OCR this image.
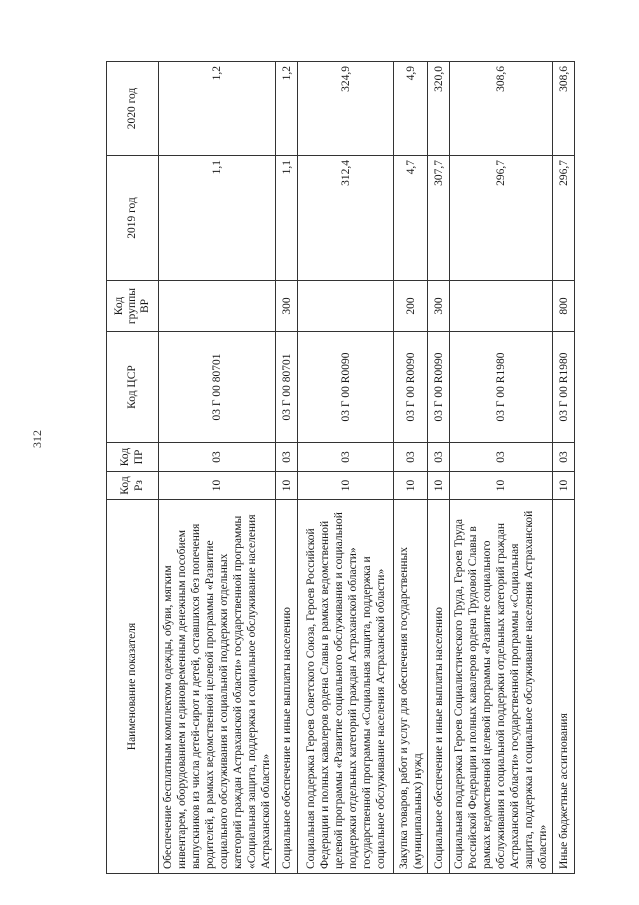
312
Наименование показателя	Код Рз	Код ПР	Код ЦСР	Код группы ВР	2019 год	2020 год
Обеспечение бесплатным комплектом одежды, обуви, мягким инвентарем, оборудованием и единовременным денежным пособием выпускников из числа детей-сирот и детей, оставшихся без попечения родителей, в рамках ведомственной целевой программы «Развитие социального обслуживания и социальной поддержки отдельных категорий граждан Астраханской области» государственной программы «Социальная защита, поддержка и социальное обслуживание населения Астраханской области»	10	03	03 Г 00 80701		1,1	1,2
Социальное обеспечение и иные выплаты населению	10	03	03 Г 00 80701	300	1,1	1,2
Социальная поддержка Героев Советского Союза, Героев Российской Федерации и полных кавалеров ордена Славы в рамках ведомственной целевой программы «Развитие социального обслуживания и социальной поддержки отдельных категорий граждан Астраханской области» государственной программы «Социальная защита, поддержка и социальное обслуживание населения Астраханской области»	10	03	03 Г 00 R0090		312,4	324,9
Закупка товаров, работ и услуг для обеспечения государственных (муниципальных) нужд	10	03	03 Г 00 R0090	200	4,7	4,9
Социальное обеспечение и иные выплаты населению	10	03	03 Г 00 R0090	300	307,7	320,0
Социальная поддержка Героев Социалистического Труда, Героев Труда Российской Федерации и полных кавалеров ордена Трудовой Славы в рамках ведомственной целевой программы «Развитие социального обслуживания и социальной поддержки отдельных категорий граждан Астраханской области» государственной программы «Социальная защита, поддержка и социальное обслуживание населения Астраханской области»	10	03	03 Г 00 R1980		296,7	308,6
Иные бюджетные ассигнования	10	03	03 Г 00 R1980	800	296,7	308,6
